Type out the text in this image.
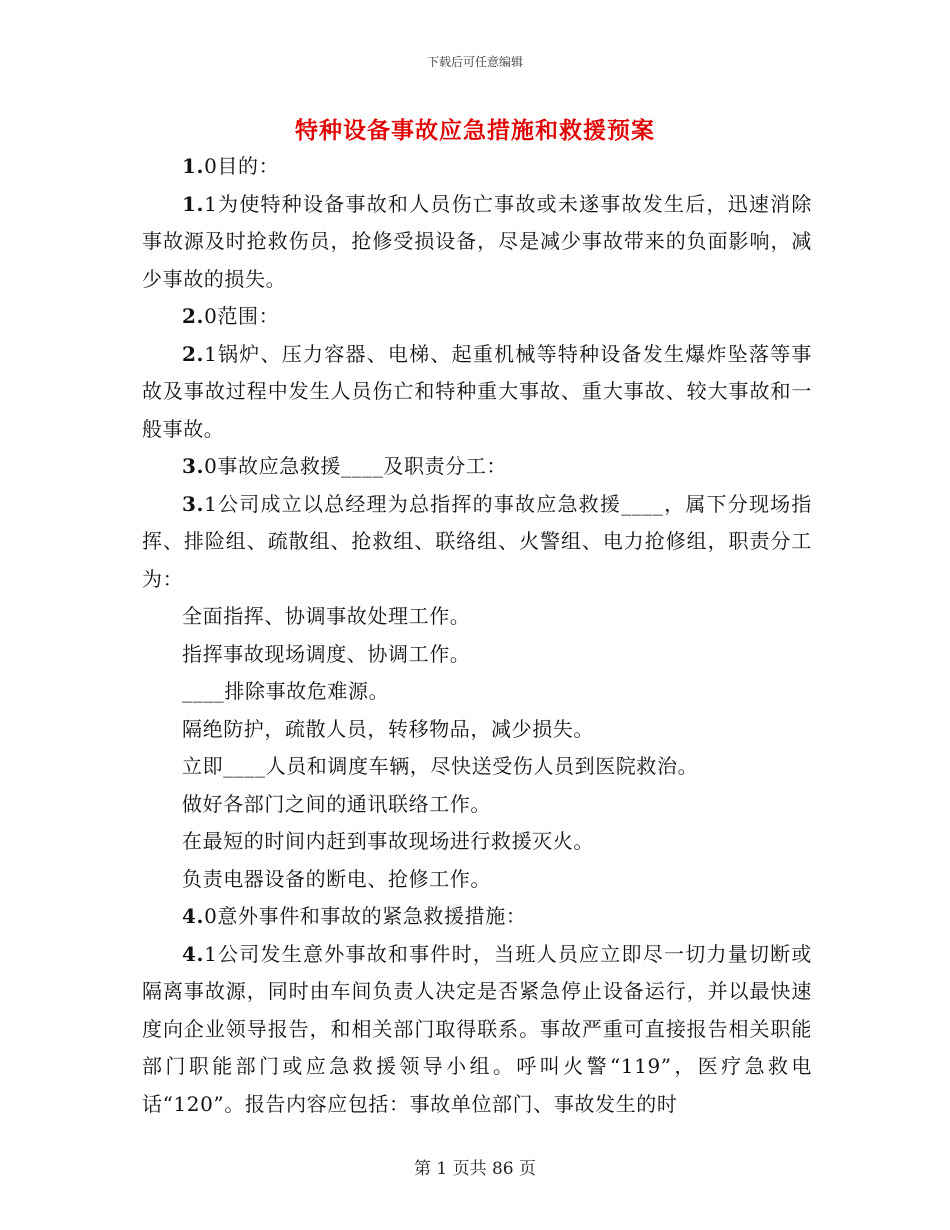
下载后可任意编辑
特种设备事故应急措施和救援预案

1.0目的：

1.1为使特种设备事故和人员伤亡事故或未遂事故发生后，迅速消除事故源及时抢救伤员，抢修受损设备，尽是减少事故带来的负面影响，减少事故的损失。

2.0范围：

2.1锅炉、压力容器、电梯、起重机械等特种设备发生爆炸坠落等事故及事故过程中发生人员伤亡和特种重大事故、重大事故、较大事故和一般事故。

3.0事故应急救援____及职责分工：

3.1公司成立以总经理为总指挥的事故应急救援____，属下分现场指挥、排险组、疏散组、抢救组、联络组、火警组、电力抢修组，职责分工为：

全面指挥、协调事故处理工作。

指挥事故现场调度、协调工作。

____排除事故危难源。

隔绝防护，疏散人员，转移物品，减少损失。

立即____人员和调度车辆，尽快送受伤人员到医院救治。

做好各部门之间的通讯联络工作。

在最短的时间内赶到事故现场进行救援灭火。

负责电器设备的断电、抢修工作。

4.0意外事件和事故的紧急救援措施：

4.1公司发生意外事故和事件时，当班人员应立即尽一切力量切断或隔离事故源，同时由车间负责人决定是否紧急停止设备运行，并以最快速度向企业领导报告，和相关部门取得联系。事故严重可直接报告相关职能部门职能部门或应急救援领导小组。呼叫火警“119”，医疗急救电话“120”。报告内容应包括：事故单位部门、事故发生的时

第 1 页共 86 页
